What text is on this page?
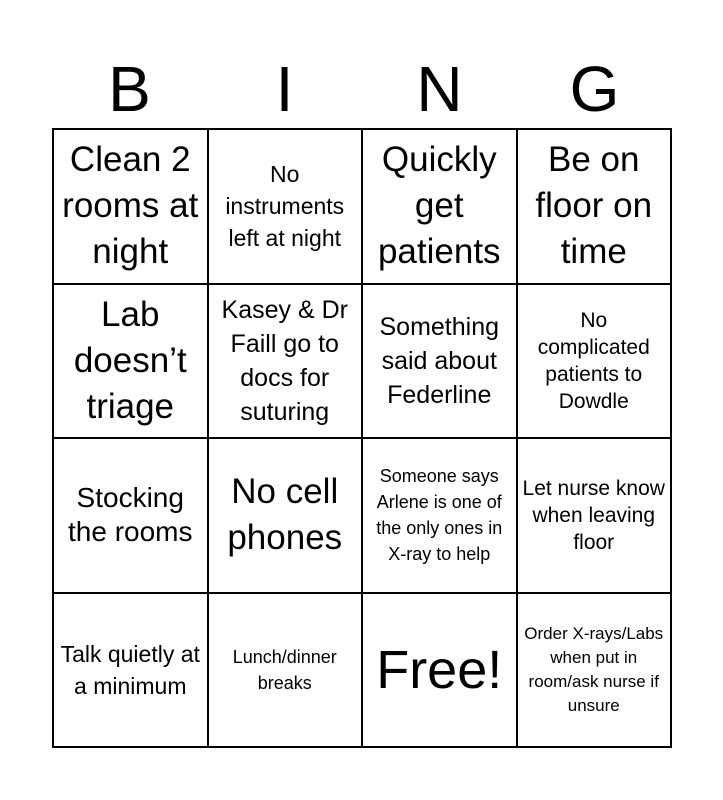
B	I	N	G
Clean 2 rooms at night
No instruments left at night
Quickly get patients
Be on floor on time
Lab doesn’t triage
Kasey & Dr Faill go to docs for suturing
Something said about Federline
No complicated patients to Dowdle
Stocking the rooms
No cell phones
Someone says Arlene is one of the only ones in X-ray to help
Let nurse know when leaving floor
Talk quietly at a minimum
Lunch/dinner breaks	Free!
Order X-rays/Labs when put in room/ask nurse if unsure
